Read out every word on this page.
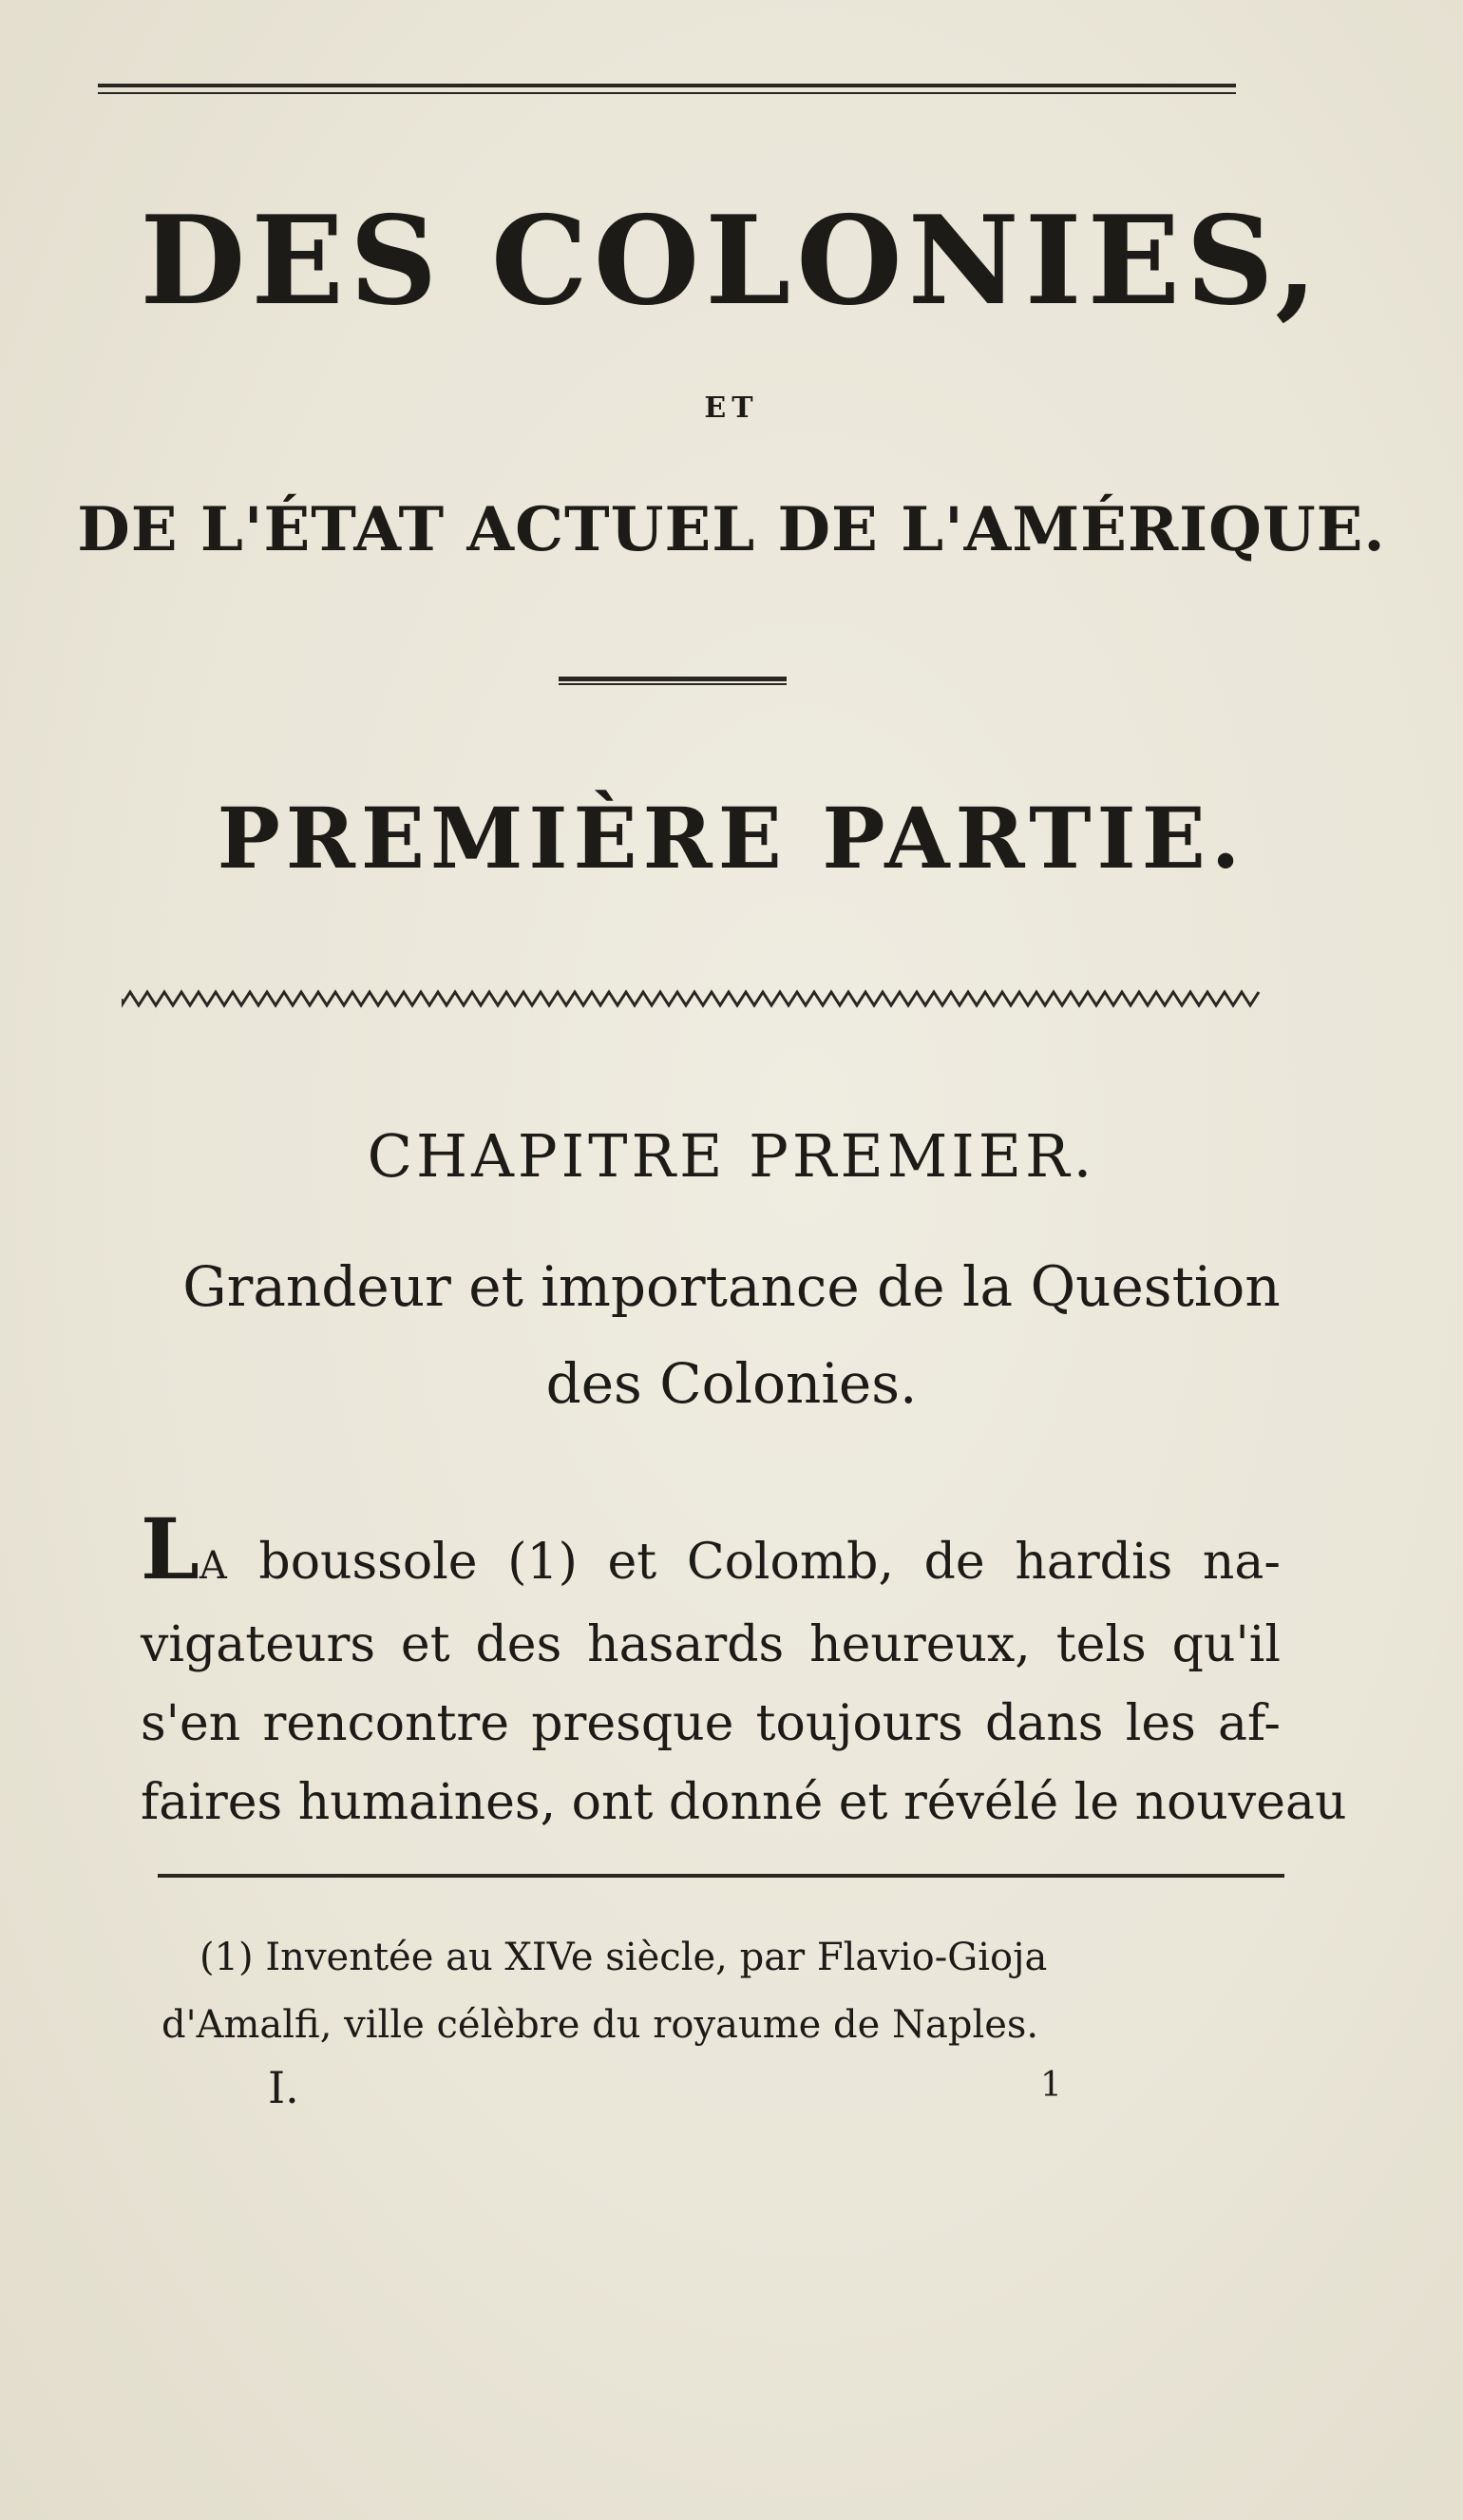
DES COLONIES,
ET
DE L'ÉTAT ACTUEL DE L'AMÉRIQUE.
PREMIÈRE PARTIE.
CHAPITRE PREMIER.
Grandeur et importance de la Question
des Colonies.
LA boussole (1) et Colomb, de hardis na-
vigateurs et des hasards heureux, tels qu'il
s'en rencontre presque toujours dans les af-
faires humaines, ont donné et révélé le nouveau
(1) Inventée au XIVe siècle, par Flavio-Gioja
d'Amalfi, ville célèbre du royaume de Naples.
I.	1
